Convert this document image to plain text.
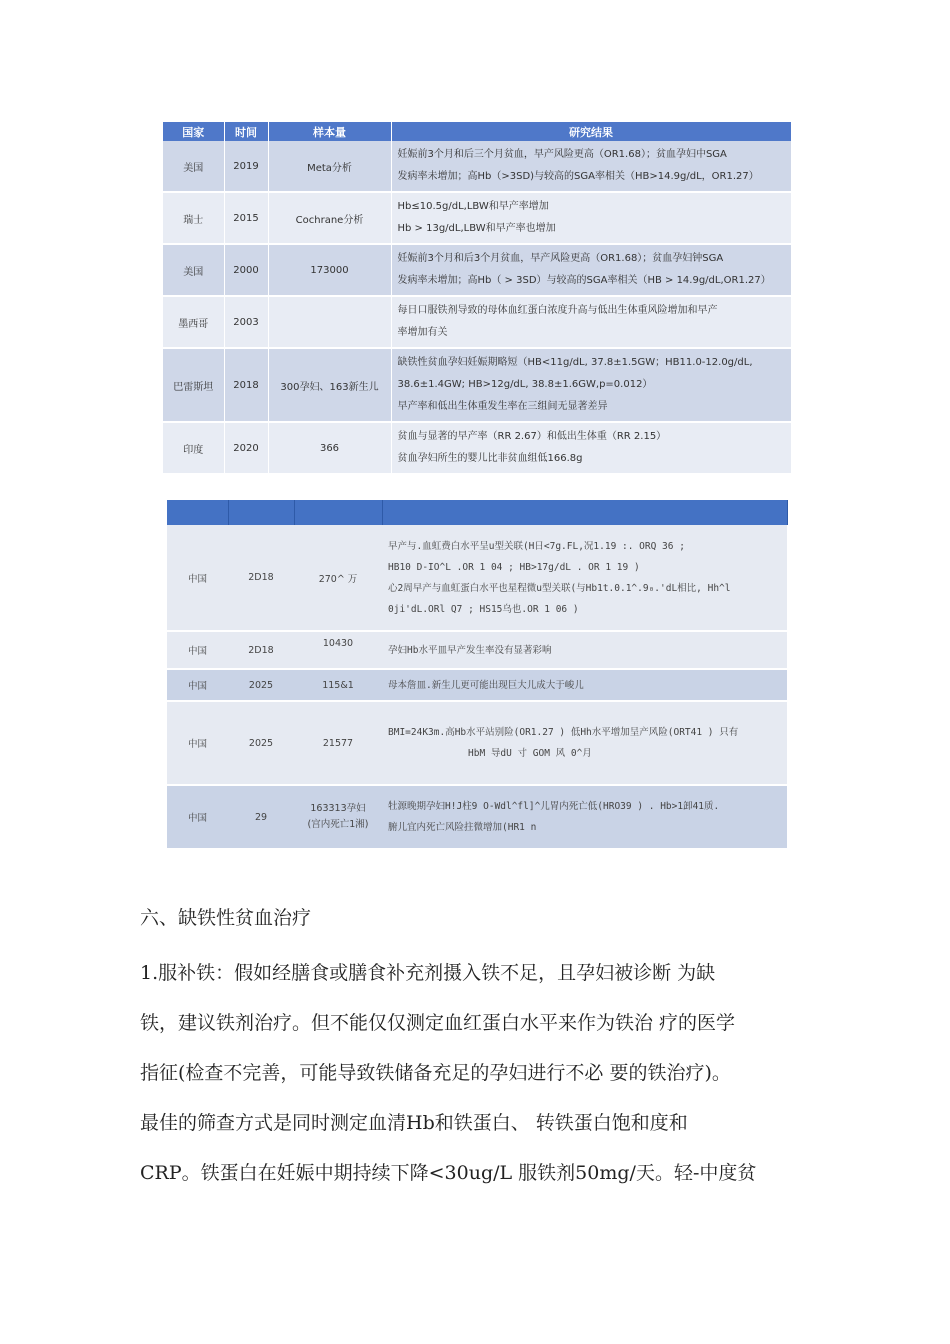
国家	时间	样本量	研究结果
美国	2019	Meta分析	妊娠前3个月和后三个月贫血，早产风险更高（OR1.68）；贫血孕妇中SGA
发病率未增加；高Hb（>3SD)与较高的SGA率相关（HB>14.9g/dL，OR1.27）

瑞士	2015	Cochrane分析	Hb≤10.5g/dL,LBW和早产率增加
Hb > 13g/dL,LBW和早产率也增加

美国	2000	173000	妊娠前3个月和后3个月贫血，早产风险更高（OR1.68）；贫血孕妇钟SGA
发病率未增加；高Hb（ > 3SD）与较高的SGA率相关（HB > 14.9g/dL,OR1.27）

墨西哥	2003		每日口服铁剂导致的母体血红蛋白浓度升高与低出生体重风险增加和早产
率增加有关

巴雷斯坦	2018	300孕妇、163新生儿	缺铁性贫血孕妇妊娠期略短（HB<11g/dL, 37.8±1.5GW；HB11.0-12.0g/dL,
38.6±1.4GW; HB>12g/dL, 38.8±1.6GW,p=0.012）
早产率和低出生体重发生率在三组间无显著差异

印度	2020	366	贫血与显著的早产率（RR 2.67）和低出生体重（RR 2.15）
贫血孕妇所生的婴儿比非贫血组低166.8g

中国	2D18	270^ 万	早产与.血虹费白水平呈u型关联(H日<7g.FL,况1.19 :. ORQ 36 ;
HB10 D-IO^L .OR 1 04 ; HB>17g/dL . OR 1 19 )
心2周早产与血虹蛋白水平也星程微u型关联(与Hb1t.0.1^.9₀.'dL相比, Hh^l
0ji'dL.ORl Q7 ; HS15乌也.OR 1 06 )

中国	2D18	10430	孕妇Hb水平皿早产发生率没有显著彩响

中国	2025	115&1	母本詹皿.新生儿更可能出现巨大儿成大于峻儿

中国	2025	21577	BMI=24K3m.高Hb水平站别险(OR1.27 ) 低Hh水平增加呈产风险(ORT41 ) 只有
HbM 导dU 寸 GOM 风 0^月

中国	29	163313孕妇
(宫内死亡1湘)	牡源晚期孕妇H!J柱9 O-Wdl^fl]^儿胃内死亡低(HRO39 ) . Hb>1卸41质.
腑儿宜内死亡风险拄微增加(HR1 n
六、缺铁性贫血治疗
1.服补铁：假如经膳食或膳食补充剂摄入铁不足，且孕妇被诊断 为缺
铁，建议铁剂治疗。但不能仅仅测定血红蛋白水平来作为铁治 疗的医学
指征(检查不完善，可能导致铁储备充足的孕妇进行不必 要的铁治疗)。
最佳的筛查方式是同时测定血清Hb和铁蛋白、 转铁蛋白饱和度和
CRP。铁蛋白在妊娠中期持续下降<30ug/L 服铁剂50mg/天。轻-中度贫
